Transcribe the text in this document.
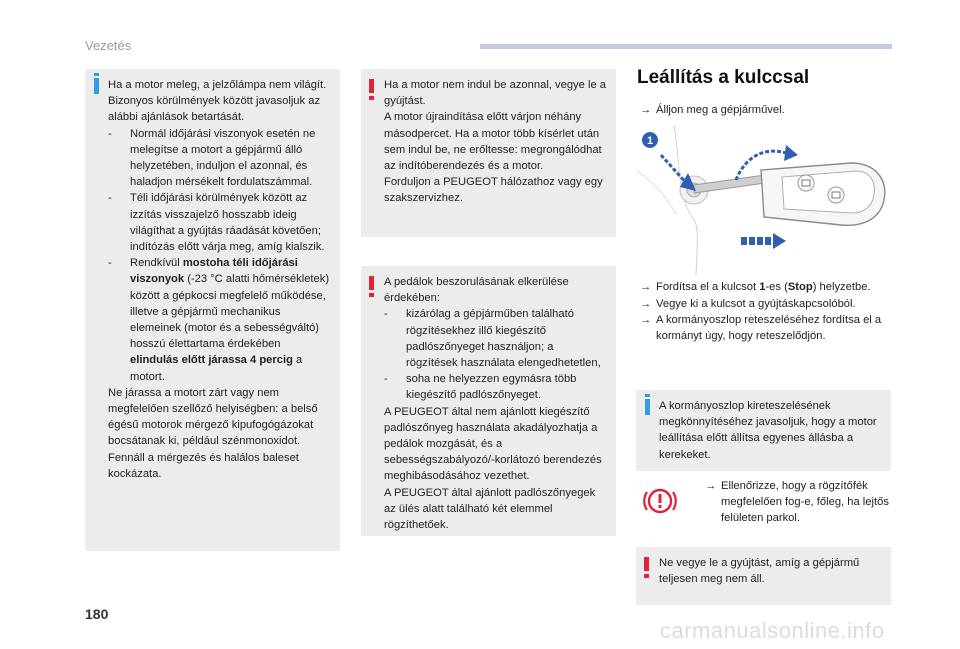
Vezetés

Ha a motor meleg, a jelzőlámpa nem világít. Bizonyos körülmények között javasoljuk az alábbi ajánlások betartását.

- Normál időjárási viszonyok esetén ne melegítse a motort a gépjármű álló helyzetében, induljon el azonnal, és haladjon mérsékelt fordulatszámmal.

- Téli időjárási körülmények között az izzítás visszajelző hosszabb ideig világíthat a gyújtás ráadását követően; indítózás előtt várja meg, amíg kialszik.

- Rendkívül mostoha téli időjárási viszonyok (-23 °C alatti hőmérsékletek) között a gépkocsi megfelelő működése, illetve a gépjármű mechanikus elemeinek (motor és a sebességváltó) hosszú élettartama érdekében elindulás előtt járassa 4 percig a motort.

Ne járassa a motort zárt vagy nem megfelelően szellőző helyiségben: a belső égésű motorok mérgező kipufogógázokat bocsátanak ki, például szénmonoxidot. Fennáll a mérgezés és halálos baleset kockázata.

Ha a motor nem indul be azonnal, vegye le a gyújtást.

A motor újraindítása előtt várjon néhány másodpercet. Ha a motor több kísérlet után sem indul be, ne erőltesse: megrongálódhat az indítóberendezés és a motor.

Forduljon a PEUGEOT hálózathoz vagy egy szakszervizhez.

A pedálok beszorulásának elkerülése érdekében:

- kizárólag a gépjárműben található rögzítésekhez illő kiegészítő padlószőnyeget használjon; a rögzítések használata elengedhetetlen,

- soha ne helyezzen egymásra több kiegészítő padlószőnyeget.

A PEUGEOT által nem ajánlott kiegészítő padlószőnyeg használata akadályozhatja a pedálok mozgását, és a sebességszabályozó/-korlátozó berendezés meghibásodásához vezethet.

A PEUGEOT által ajánlott padlószőnyegek az ülés alatt található két elemmel rögzíthetőek.

Leállítás a kulccsal
→ Álljon meg a gépjárművel.
1
→ Fordítsa el a kulcsot 1-es (Stop) helyzetbe.
→ Vegye ki a kulcsot a gyújtáskapcsolóból.
→ A kormányoszlop reteszeléséhez fordítsa el a kormányt úgy, hogy reteszelődjön.

A kormányoszlop kireteszelésének megkönnyítéséhez javasoljuk, hogy a motor leállítása előtt állítsa egyenes állásba a kerekeket.

→ Ellenőrizze, hogy a rögzítőfék megfelelően fog-e, főleg, ha lejtős felületen parkol.

Ne vegye le a gyújtást, amíg a gépjármű teljesen meg nem áll.

180
carmanualsonline.info
